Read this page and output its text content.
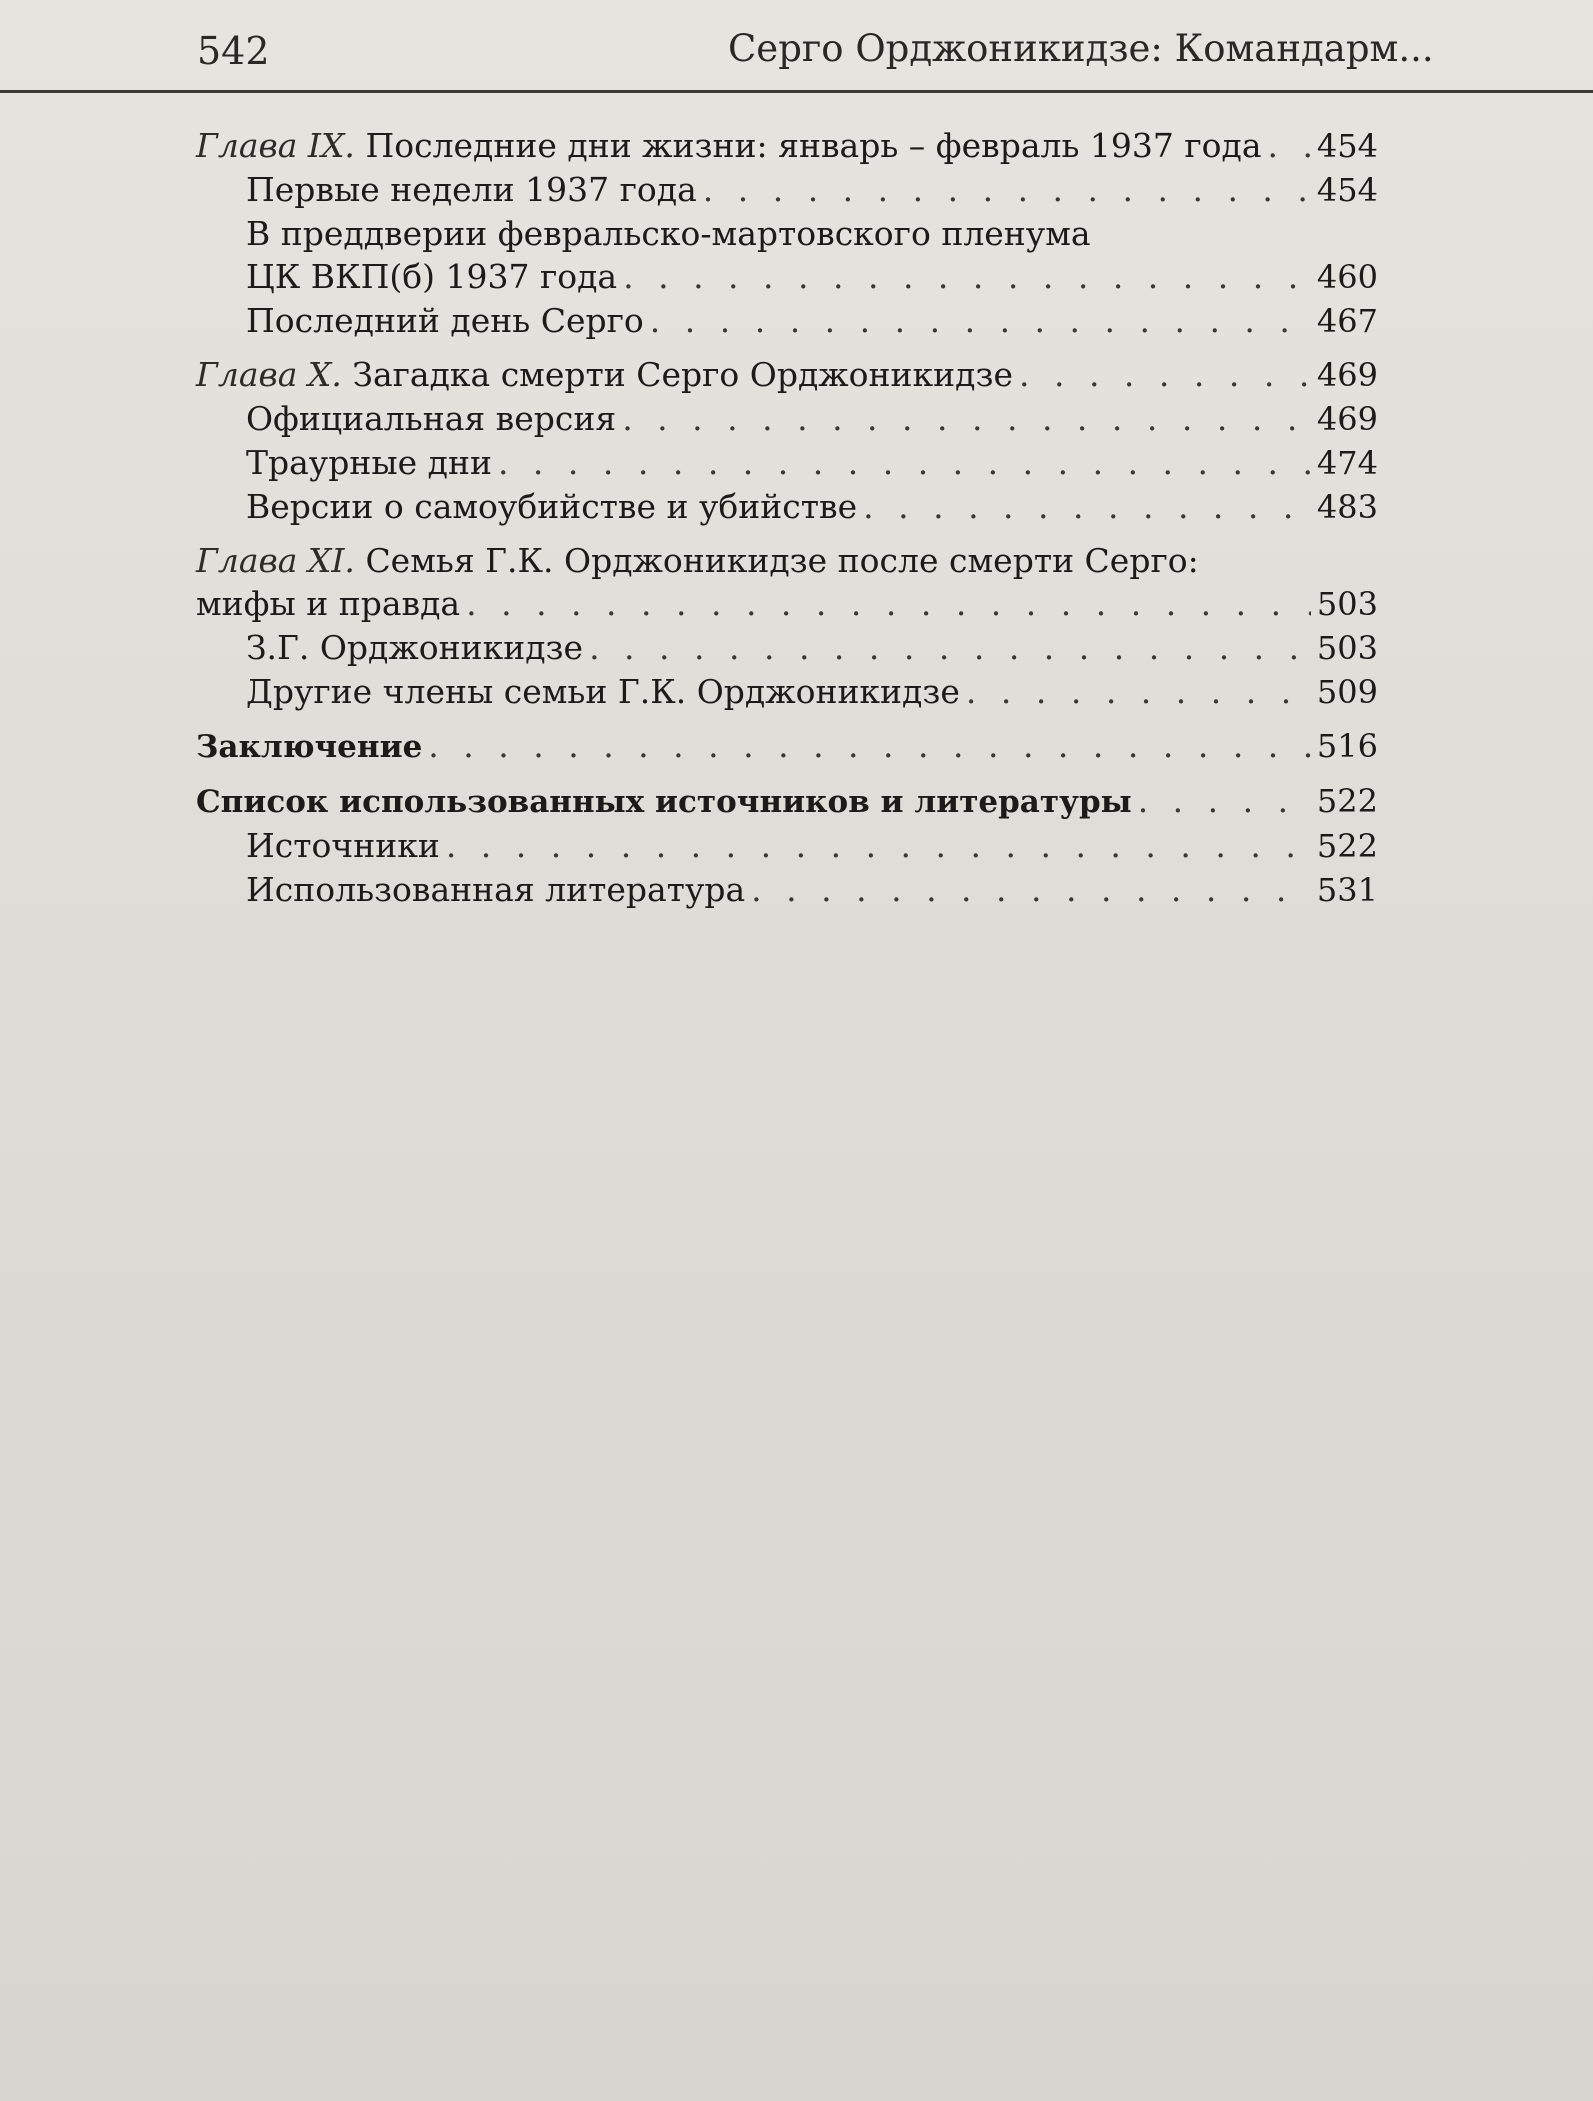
542	Серго Орджоникидзе: Командарм...
Глава IX. Последние дни жизни: январь – февраль 1937 года . . . 454
Первые недели 1937 года . . .	454
В преддверии февральско-мартовского пленума
ЦК ВКП(б) 1937 года . . .	460
Последний день Серго . . .	467
Глава X. Загадка смерти Серго Орджоникидзе . . .	469
Официальная версия . . .	469
Траурные дни . . .	474
Версии о самоубийстве и убийстве . . .	483
Глава XI. Семья Г.К. Орджоникидзе после смерти Серго:
мифы и правда . . .	503
З.Г. Орджоникидзе . . .	503
Другие члены семьи Г.К. Орджоникидзе . . .	509
Заключение . . .	516
Список использованных источников и литературы . . .	522
Источники . . .	522
Использованная литература . . .	531
